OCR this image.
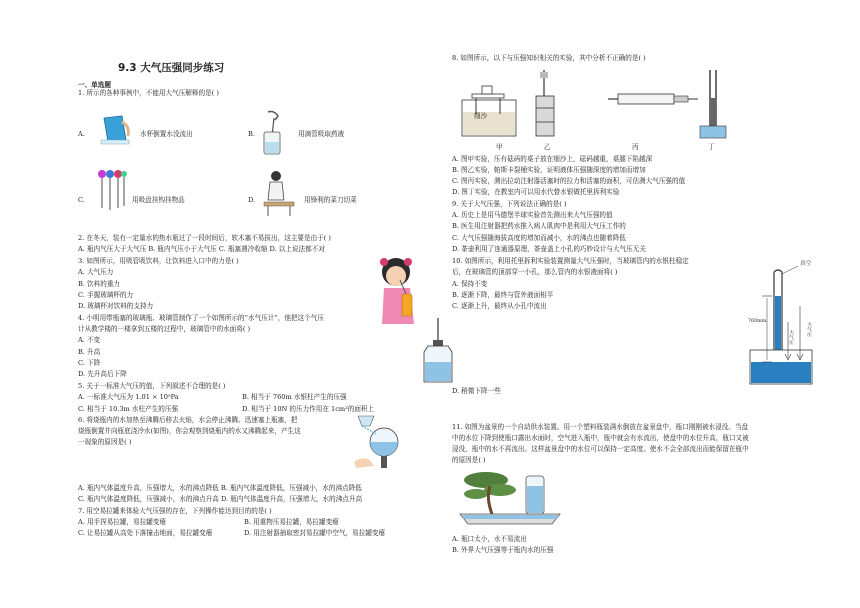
9.3 大气压强同步练习
一、单选题
1. 所示的各种事例中，不能用大气压解释的是( )
A.	水杯倒置水没流出	B.	用滴管吸取药液
C.	用吸盘挂钩挂物品	D.	用锋利的菜刀切菜
2. 在冬天，装有一定量水的热水瓶过了一段时间后，软木塞不易拔出，这主要是由于( )
A. 瓶内气压大于大气压 B. 瓶内气压小于大气压 C. 瓶塞遇冷收缩 D. 以上说法都不对
3. 如图所示，用吸管吸饮料，让饮料进入口中的力是( )
A. 大气压力
B. 饮料的重力
C. 手握玻璃杯的力
D. 玻璃杯对饮料的支持力
4. 小明用带瓶塞的玻璃瓶、玻璃管制作了一个如图所示的“水气压计”，他把这个气压
计从教学楼的一楼拿到五楼的过程中，玻璃管中的水面将( )
A. 不变
B. 升高
C. 下降
D. 先升高后下降
5. 关于一标准大气压的值，下列叙述不合理的是( )
A. 一标准大气压为 1.01 × 10⁵Pa	B. 相当于 760m 水银柱产生的压强
C. 相当于 10.3m 水柱产生的压强	D. 相当于 10N 的压力作用在 1cm²的面积上
6. 将烧瓶内的水加热至沸腾后移去火焰，水会停止沸腾。迅速塞上瓶塞，把
烧瓶倒置并向瓶底浇冷水(如图)，你会观察到烧瓶内的水又沸腾起来，产生这
一现象的原因是( )
A. 瓶内气体温度升高，压强增大，水的沸点降低 B. 瓶内气体温度降低，压强减小，水的沸点降低
C. 瓶内气体温度降低，压强减小，水的沸点升高 D. 瓶内气体温度升高，压强增大，水的沸点升高
7. 用空易拉罐来体验大气压强的存在，下列操作能达到目的的是( )
A. 用手捏易拉罐，易拉罐变瘪	B. 用重物压易拉罐，易拉罐变瘪
C. 让易拉罐从高处下落撞击地面，易拉罐变瘪	D. 用注射器抽取密封易拉罐中空气，易拉罐变瘪
8. 如图所示，以下与压强知识相关的实验，其中分析不正确的是( )
细沙
甲	乙	丙	丁
A. 图甲实验，压有砝码的桌子放在细沙上，砝码越重，桌腿下陷越深
B. 图乙实验，帕斯卡裂桶实验，证明液体压强随深度的增加而增加
C. 图丙实验，测出拉动注射器活塞时的拉力和活塞的面积，可估测大气压强的值
D. 图丁实验，在教室内可以用水代替水银做托里拆利实验
9. 关于大气压强，下列说法正确的是( )
A. 历史上是用马德堡半球实验首先测出来大气压强的值
B. 医生用注射器把药水推入病人肌肉中是利用大气压工作的
C. 大气压强随海拔高度的增加而减小，水的沸点也随着降低
D. 茶壶利用了连通器原理，茶壶盖上小孔的巧妙设计与大气压无关
10. 如图所示，利用托里拆利实验装置测量大气压强时，当玻璃管内的水银柱稳定
后，在玻璃管的顶部穿一小孔，那么管内的水银液面将( )
A. 保持不变
B. 逐渐下降，最终与管外液面相平
C. 逐渐上升，最终从小孔中流出
D. 稍微下降一些
真空
760mm
大气压
大气压
11. 如图为盆景的一个自动供水装置。用一个塑料瓶装满水倒放在盆景盘中，瓶口刚刚被水浸没。当盘
中的水位下降到使瓶口露出水面时，空气进入瓶中，瓶中就会有水流出，使盘中的水位升高，瓶口又被
浸没，瓶中的水不再流出。这样盆景盘中的水位可以保持一定高度。使水不会全部流出而能保留在瓶中
的原因是( )
A. 瓶口太小，水不易流出
B. 外界大气压强等于瓶内水的压强
